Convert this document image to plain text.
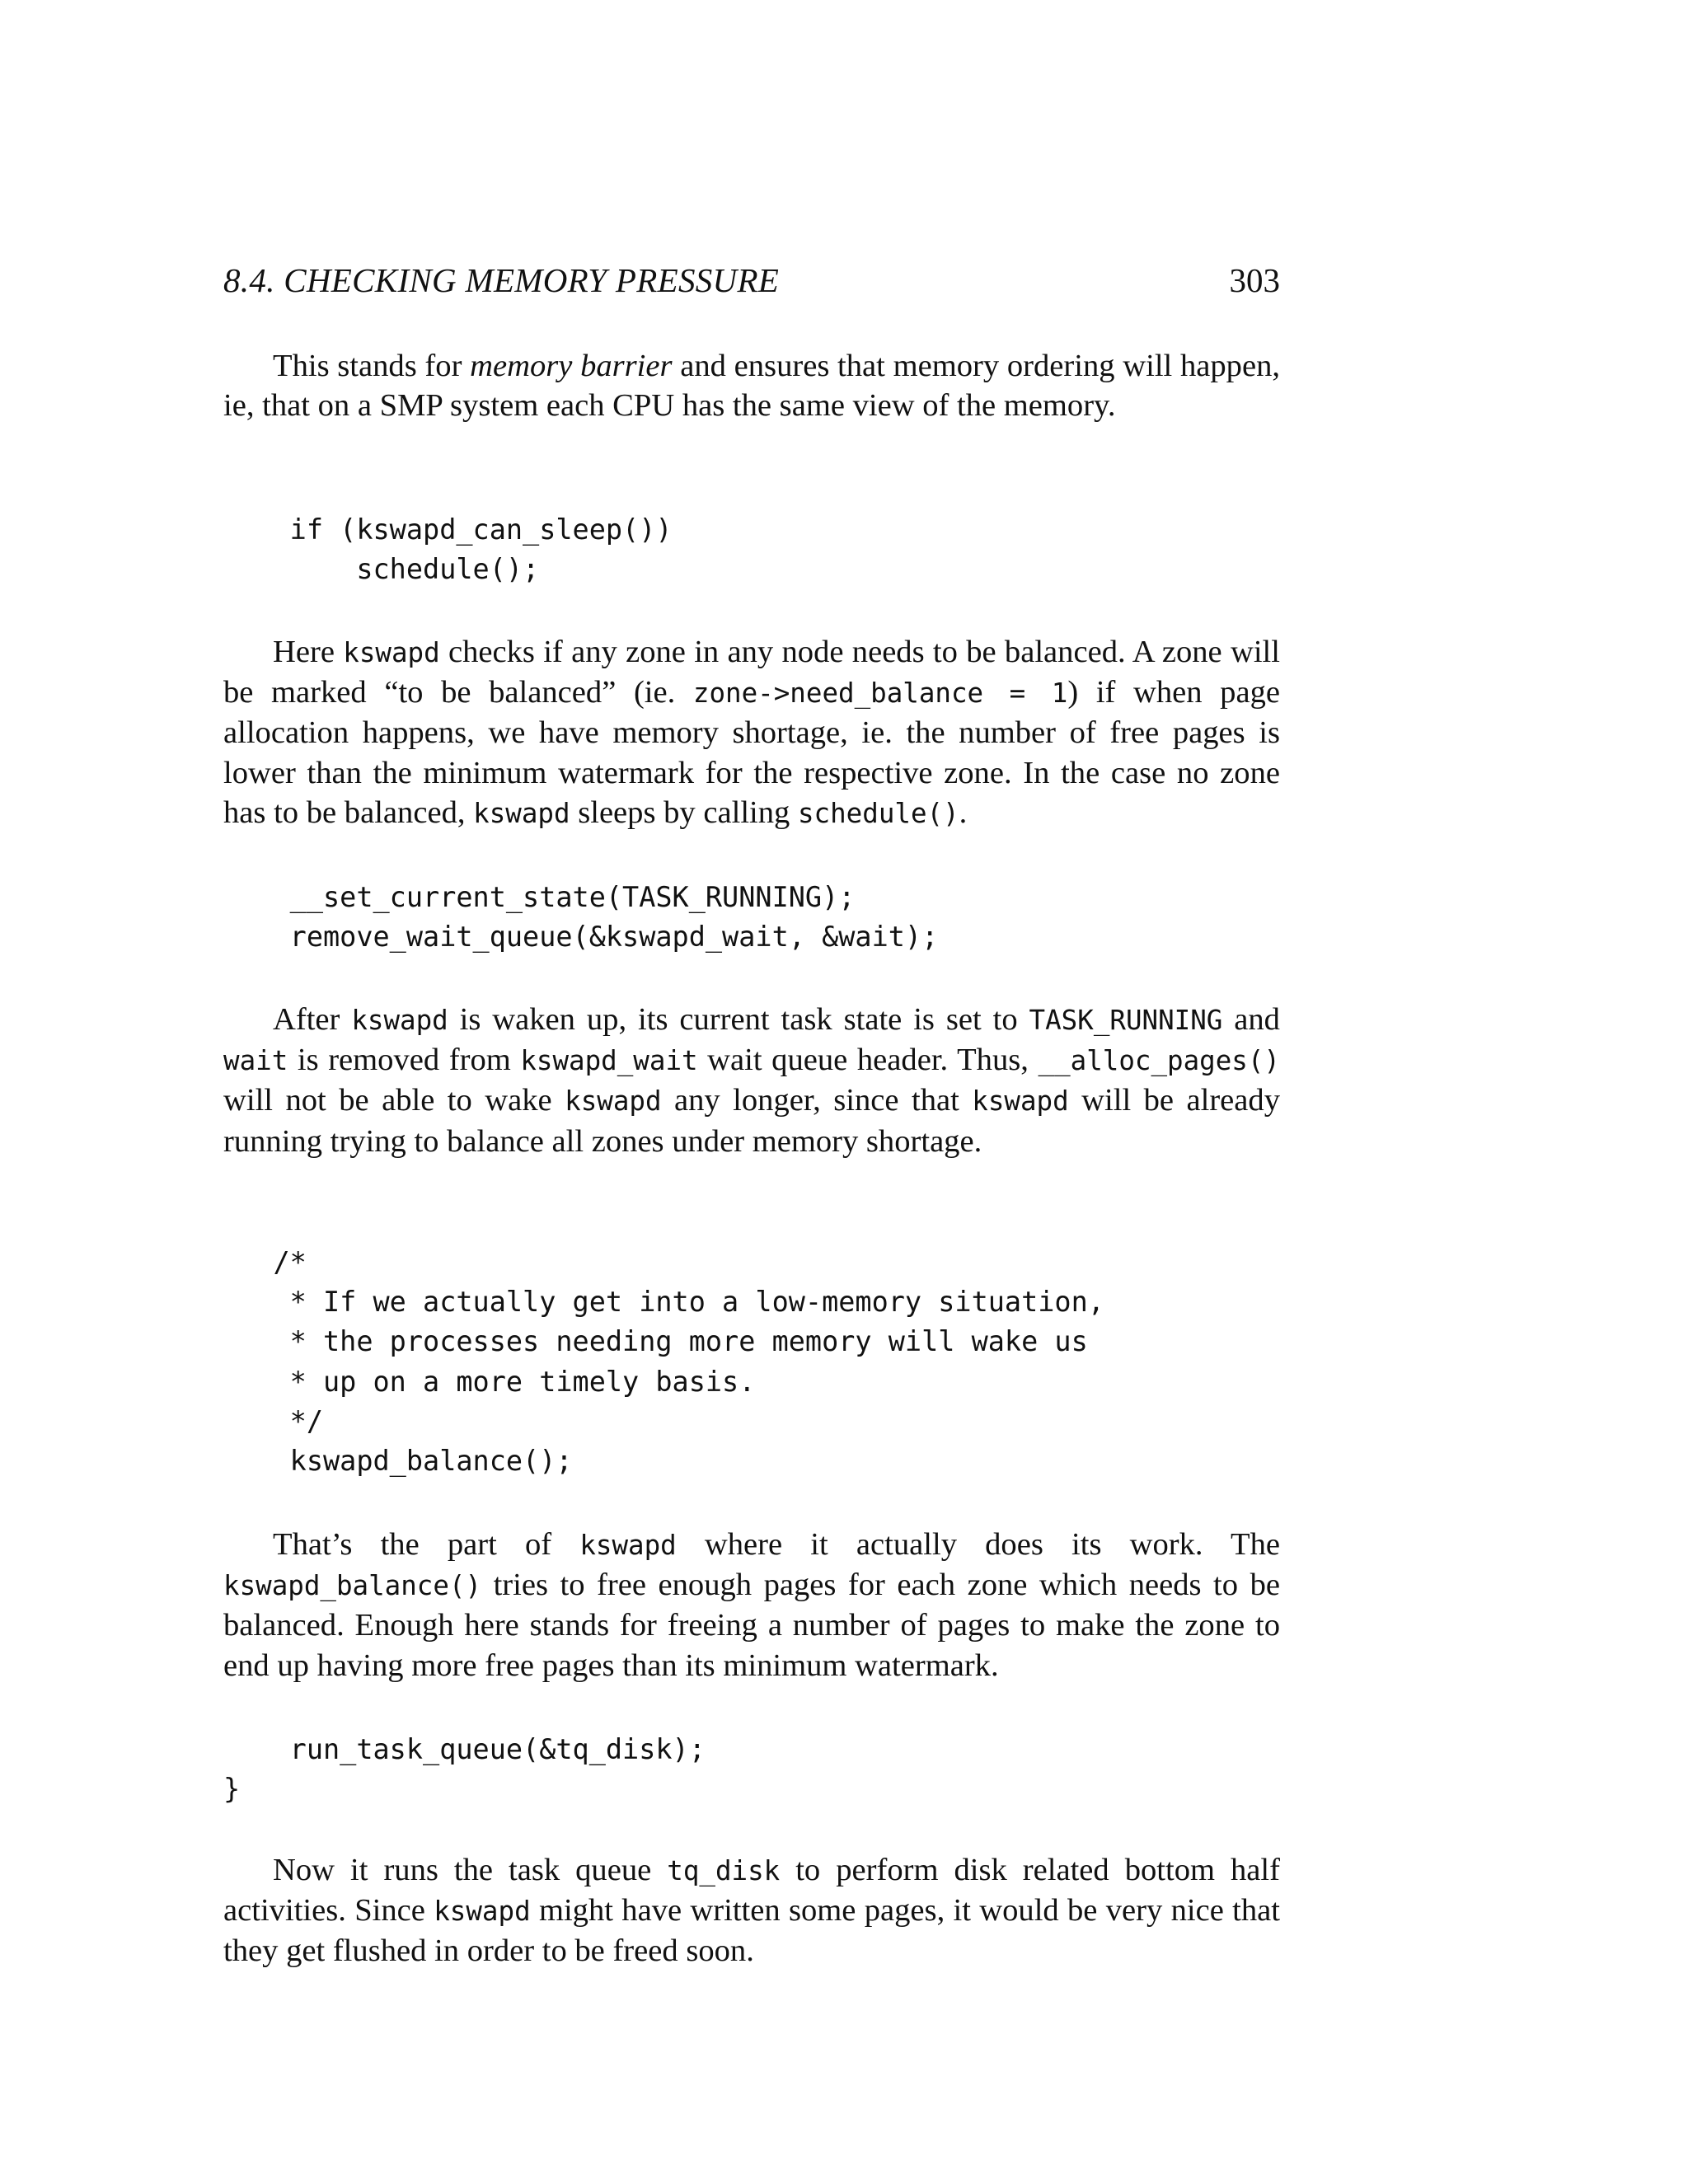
8.4. CHECKING MEMORY PRESSURE	303

This stands for memory barrier and ensures that memory ordering will happen, ie, that on a SMP system each CPU has the same view of the memory.

if (kswapd_can_sleep())
schedule();

Here kswapd checks if any zone in any node needs to be balanced. A zone will be marked “to be balanced” (ie. zone->need_balance = 1) if when page allocation happens, we have memory shortage, ie. the number of free pages is lower than the minimum watermark for the respective zone. In the case no zone has to be balanced, kswapd sleeps by calling schedule().

__set_current_state(TASK_RUNNING);
remove_wait_queue(&kswapd_wait, &wait);

After kswapd is waken up, its current task state is set to TASK_RUNNING and wait is removed from kswapd_wait wait queue header. Thus, __alloc_pages() will not be able to wake kswapd any longer, since that kswapd will be already running trying to balance all zones under memory shortage.

/*
* If we actually get into a low-memory situation,
* the processes needing more memory will wake us
* up on a more timely basis.
*/
kswapd_balance();

That’s the part of kswapd where it actually does its work. The kswapd_balance() tries to free enough pages for each zone which needs to be balanced. Enough here stands for freeing a number of pages to make the zone to end up having more free pages than its minimum watermark.

run_task_queue(&tq_disk);
}

Now it runs the task queue tq_disk to perform disk related bottom half activities. Since kswapd might have written some pages, it would be very nice that they get flushed in order to be freed soon.
